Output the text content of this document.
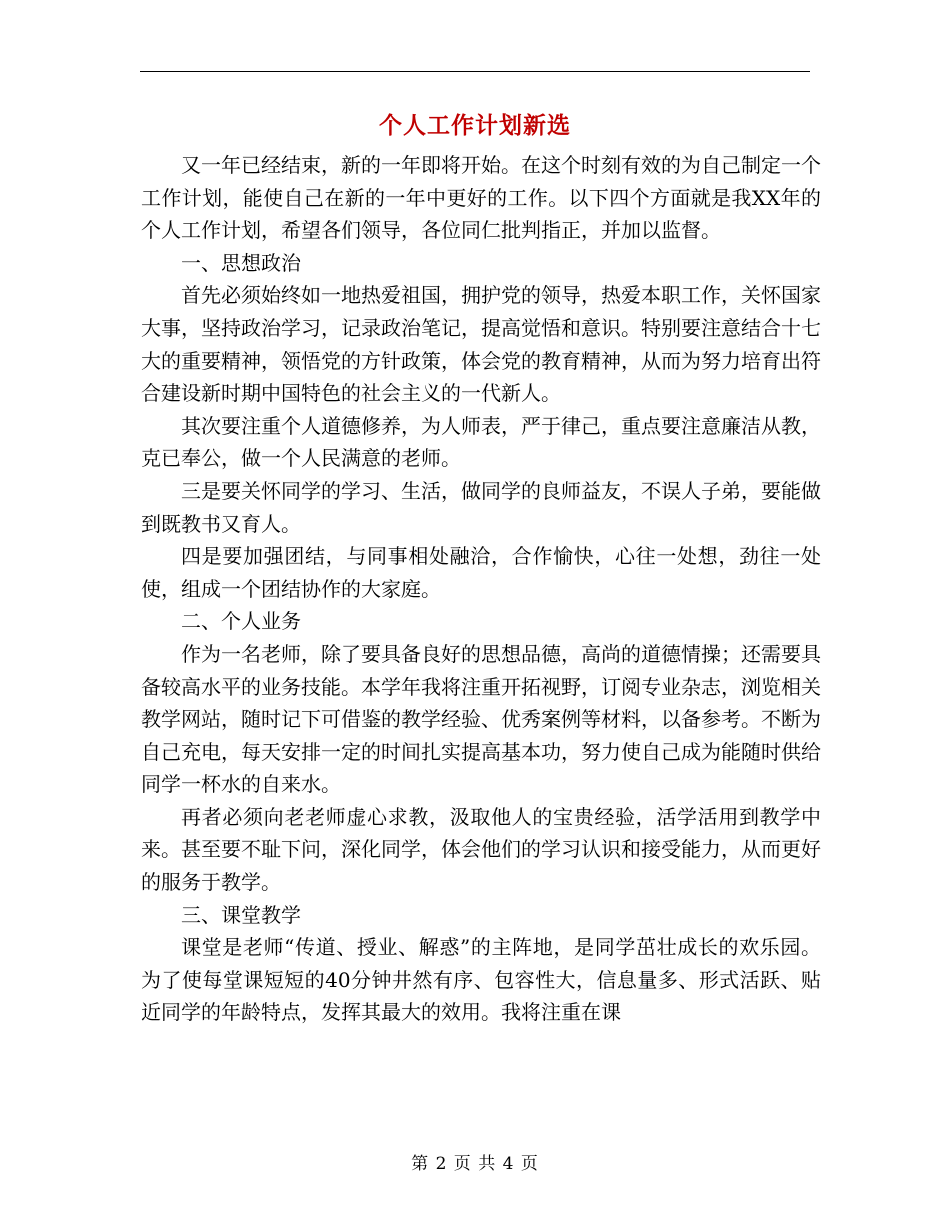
个人工作计划新选

又一年已经结束，新的一年即将开始。在这个时刻有效的为自己制定一个工作计划，能使自己在新的一年中更好的工作。以下四个方面就是我XX年的个人工作计划，希望各们领导，各位同仁批判指正，并加以监督。

一、思想政治

首先必须始终如一地热爱祖国，拥护党的领导，热爱本职工作，关怀国家大事，坚持政治学习，记录政治笔记，提高觉悟和意识。特别要注意结合十七大的重要精神，领悟党的方针政策，体会党的教育精神，从而为努力培育出符合建设新时期中国特色的社会主义的一代新人。

其次要注重个人道德修养，为人师表，严于律己，重点要注意廉洁从教，克已奉公，做一个人民满意的老师。

三是要关怀同学的学习、生活，做同学的良师益友，不误人子弟，要能做到既教书又育人。

四是要加强团结，与同事相处融洽，合作愉快，心往一处想，劲往一处使，组成一个团结协作的大家庭。

二、个人业务

作为一名老师，除了要具备良好的思想品德，高尚的道德情操；还需要具备较高水平的业务技能。本学年我将注重开拓视野，订阅专业杂志，浏览相关教学网站，随时记下可借鉴的教学经验、优秀案例等材料，以备参考。不断为自己充电，每天安排一定的时间扎实提高基本功，努力使自己成为能随时供给同学一杯水的自来水。

再者必须向老老师虚心求教，汲取他人的宝贵经验，活学活用到教学中来。甚至要不耻下问，深化同学，体会他们的学习认识和接受能力，从而更好的服务于教学。

三、课堂教学

课堂是老师“传道、授业、解惑”的主阵地，是同学茁壮成长的欢乐园。为了使每堂课短短的40分钟井然有序、包容性大，信息量多、形式活跃、贴近同学的年龄特点，发挥其最大的效用。我将注重在课

第 2 页 共 4 页
